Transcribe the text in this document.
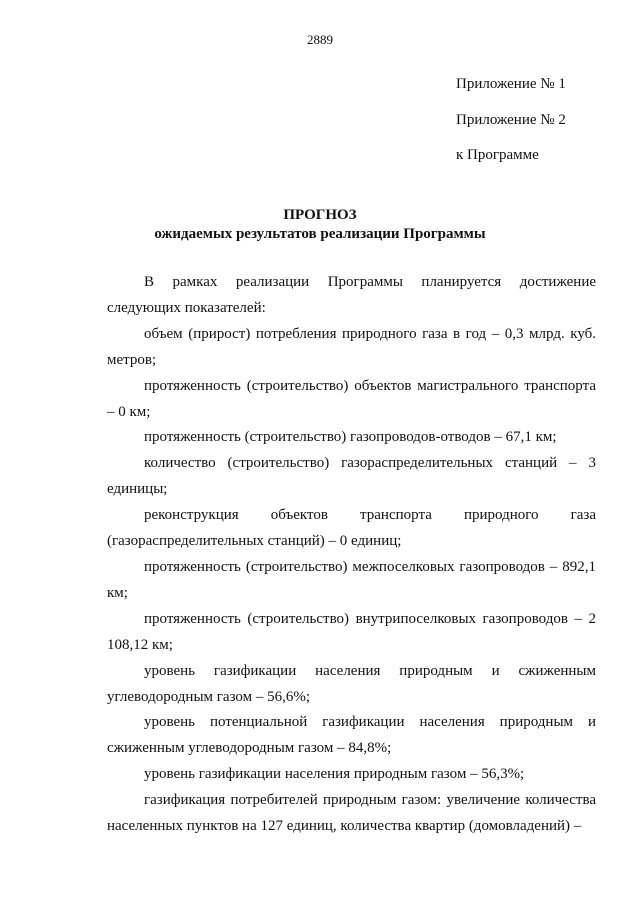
2889
Приложение № 1
Приложение № 2
к Программе
ПРОГНОЗ
ожидаемых результатов реализации Программы

В рамках реализации Программы планируется достижение следующих показателей:

объем (прирост) потребления природного газа в год – 0,3 млрд. куб. метров;

протяженность (строительство) объектов магистрального транспорта – 0 км;

протяженность (строительство) газопроводов-отводов – 67,1 км;

количество (строительство) газораспределительных станций – 3 единицы;

реконструкция объектов транспорта природного газа (газораспределительных станций) – 0 единиц;

протяженность (строительство) межпоселковых газопроводов – 892,1 км;

протяженность (строительство) внутрипоселковых газопроводов – 2 108,12 км;

уровень газификации населения природным и сжиженным углеводородным газом – 56,6%;

уровень потенциальной газификации населения природным и сжиженным углеводородным газом – 84,8%;

уровень газификации населения природным газом – 56,3%;

газификация потребителей природным газом: увеличение количества населенных пунктов на 127 единиц, количества квартир (домовладений) –
